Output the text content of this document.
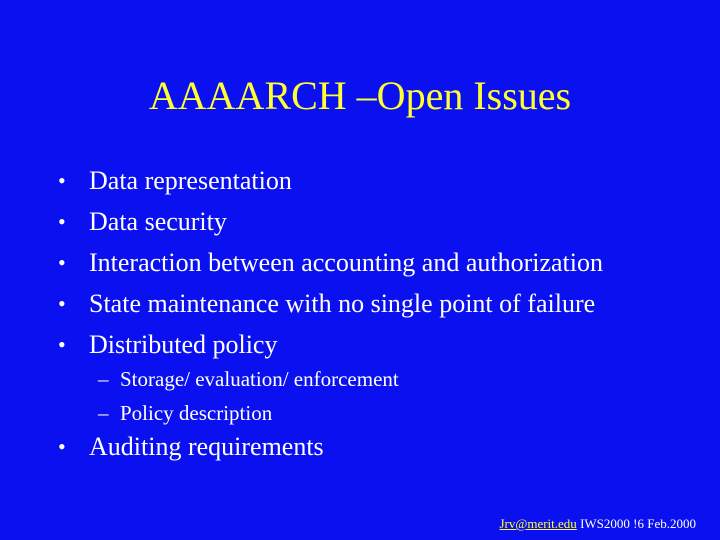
AAAARCH –Open Issues
• Data representation
• Data security
• Interaction between accounting and authorization
• State maintenance with no single point of failure
• Distributed policy
– Storage/ evaluation/ enforcement
– Policy description
• Auditing requirements
Jrv@merit.edu IWS2000 !6 Feb.2000
